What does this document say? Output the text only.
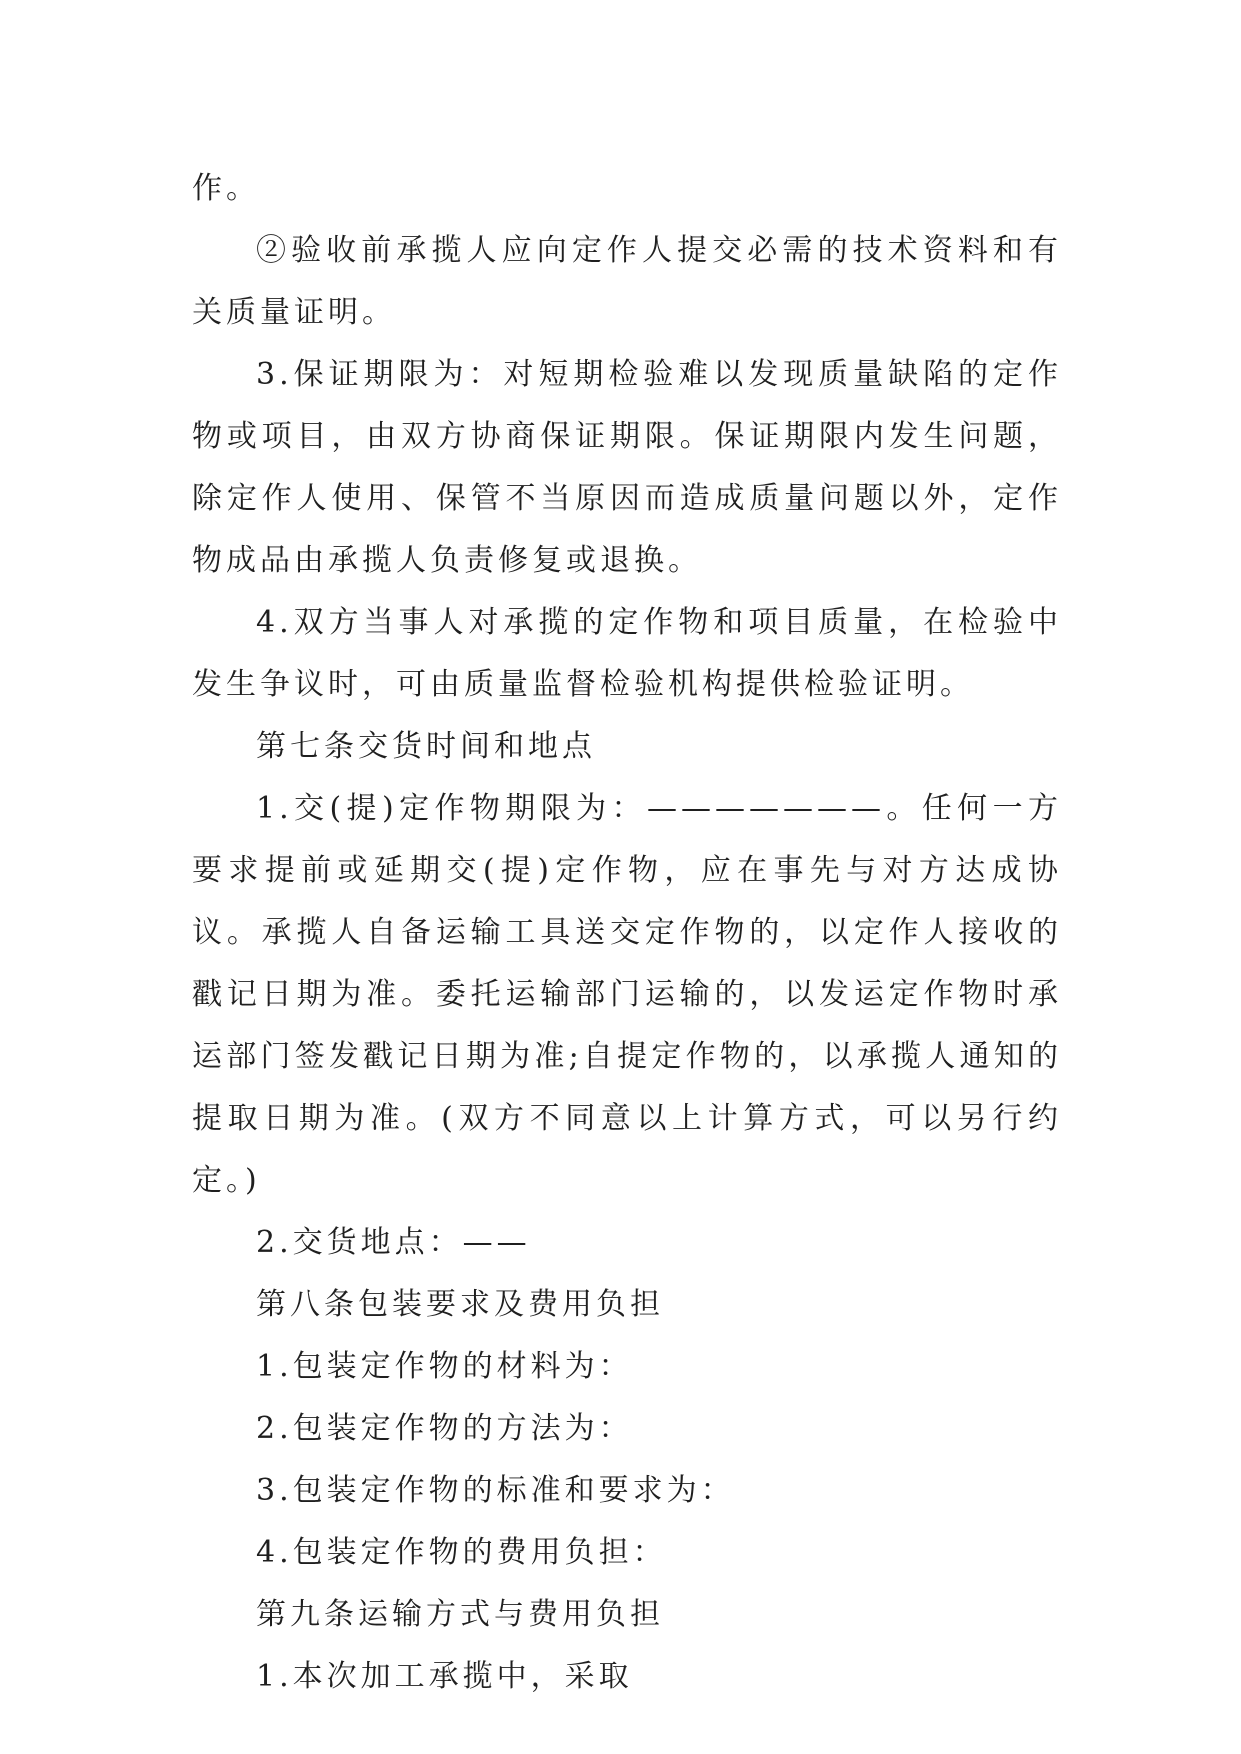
作。

②验收前承揽人应向定作人提交必需的技术资料和有关质量证明。

3.保证期限为：对短期检验难以发现质量缺陷的定作物或项目，由双方协商保证期限。保证期限内发生问题，除定作人使用、保管不当原因而造成质量问题以外，定作物成品由承揽人负责修复或退换。

4.双方当事人对承揽的定作物和项目质量，在检验中发生争议时，可由质量监督检验机构提供检验证明。

第七条交货时间和地点

1.交(提)定作物期限为：———————。任何一方要求提前或延期交(提)定作物，应在事先与对方达成协议。承揽人自备运输工具送交定作物的，以定作人接收的戳记日期为准。委托运输部门运输的，以发运定作物时承运部门签发戳记日期为准;自提定作物的，以承揽人通知的提取日期为准。(双方不同意以上计算方式，可以另行约定。)

2.交货地点：——

第八条包装要求及费用负担

1.包装定作物的材料为：

2.包装定作物的方法为：

3.包装定作物的标准和要求为：

4.包装定作物的费用负担：

第九条运输方式与费用负担

1.本次加工承揽中，采取
